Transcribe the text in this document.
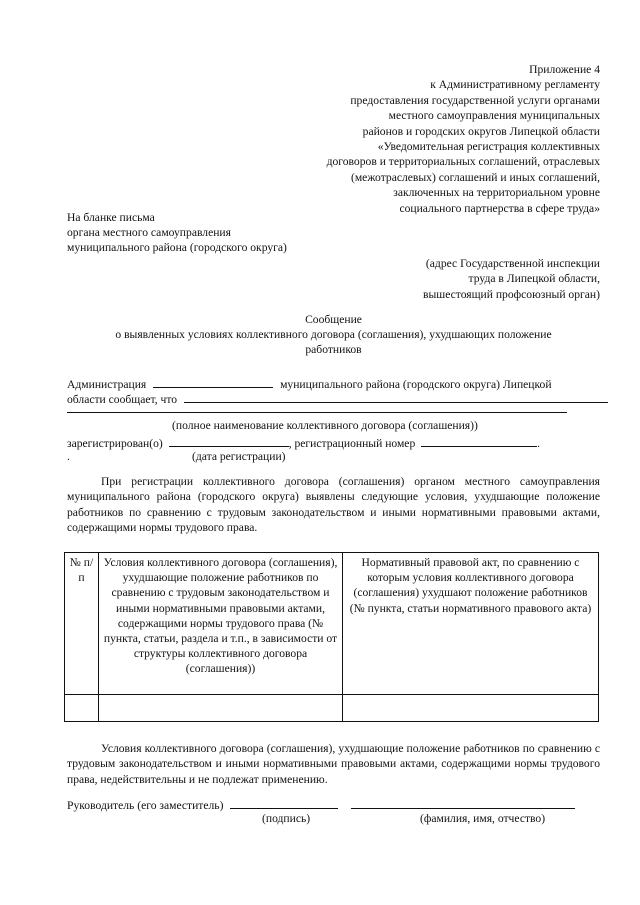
Приложение 4
к Административному регламенту
предоставления государственной услуги органами
местного самоуправления муниципальных
районов и городских округов Липецкой области
«Уведомительная регистрация коллективных
договоров и территориальных соглашений, отраслевых
(межотраслевых) соглашений и иных соглашений,
заключенных на территориальном уровне
социального партнерства в сфере труда»
На бланке письма
органа местного самоуправления
муниципального района (городского округа)
(адрес Государственной инспекции
труда в Липецкой области,
вышестоящий профсоюзный орган)
Сообщение
о выявленных условиях коллективного договора (соглашения), ухудшающих положение
работников
Администрация	муниципального района (городского округа) Липецкой
области сообщает, что
(полное наименование коллективного договора (соглашения))
зарегистрирован(о)	, регистрационный номер	.
.	(дата регистрации)
При регистрации коллективного договора (соглашения) органом местного самоуправления муниципального района (городского округа) выявлены следующие условия, ухудшающие положение работников по сравнению с трудовым законодательством и иными нормативными правовыми актами, содержащими нормы трудового права.
№ п/п	Условия коллективного договора (соглашения), ухудшающие положение работников по сравнению с трудовым законодательством и иными нормативными правовыми актами, содержащими нормы трудового права (№ пункта, статьи, раздела и т.п., в зависимости от структуры коллективного договора (соглашения))	Нормативный правовой акт, по сравнению с которым условия коллективного договора (соглашения) ухудшают положение работников (№ пункта, статьи нормативного правового акта)

Условия коллективного договора (соглашения), ухудшающие положение работников по сравнению с трудовым законодательством и иными нормативными правовыми актами, содержащими нормы трудового права, недействительны и не подлежат применению.
Руководитель (его заместитель)
(подпись)	(фамилия, имя, отчество)
